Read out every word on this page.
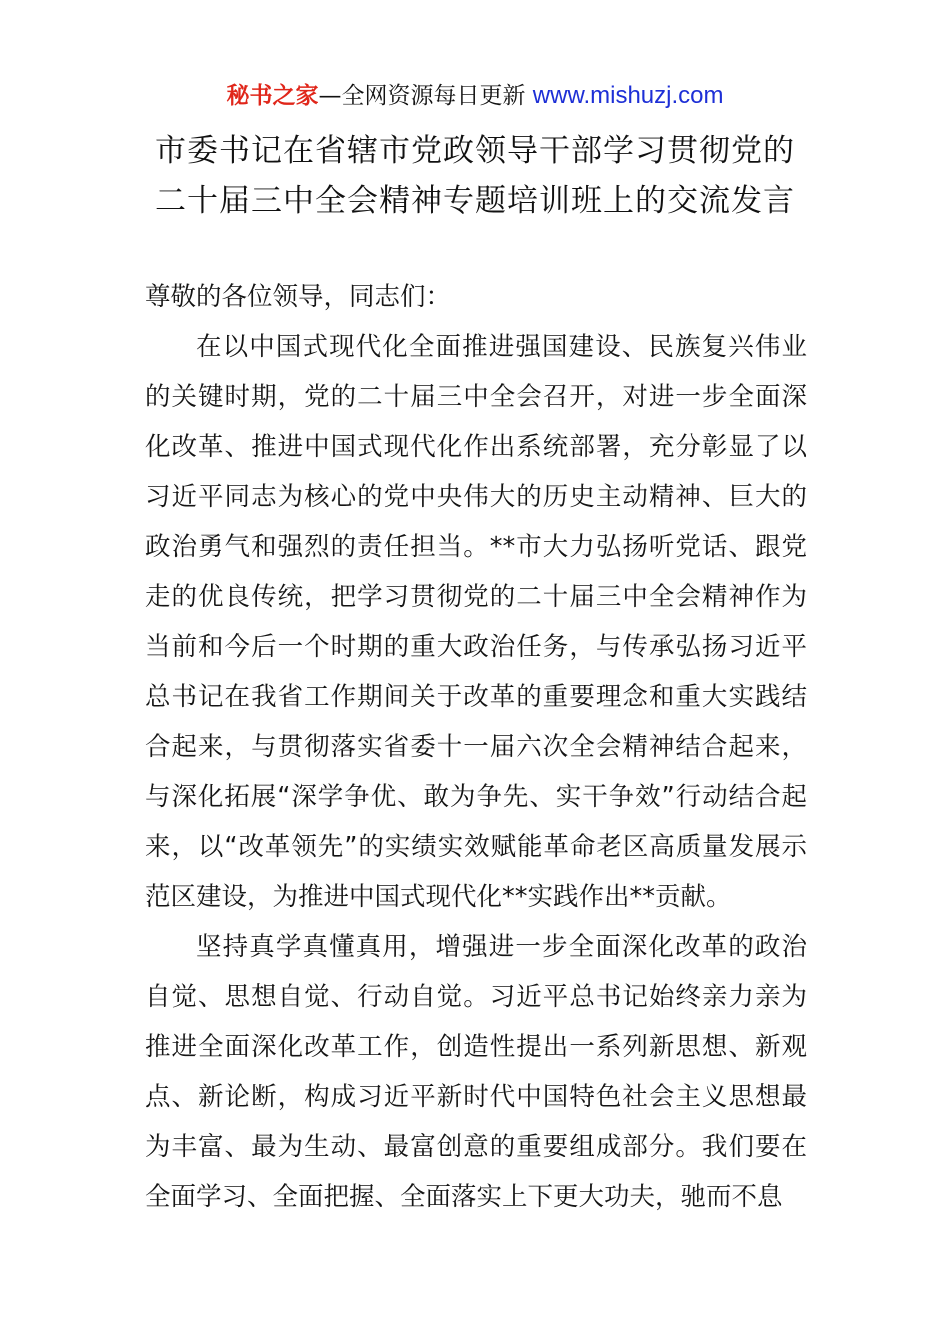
秘书之家—全网资源每日更新 www.mishuzj.com
市委书记在省辖市党政领导干部学习贯彻党的
二十届三中全会精神专题培训班上的交流发言

尊敬的各位领导，同志们：

在以中国式现代化全面推进强国建设、民族复兴伟业的关键时期，党的二十届三中全会召开，对进一步全面深化改革、推进中国式现代化作出系统部署，充分彰显了以习近平同志为核心的党中央伟大的历史主动精神、巨大的政治勇气和强烈的责任担当。**市大力弘扬听党话、跟党走的优良传统，把学习贯彻党的二十届三中全会精神作为当前和今后一个时期的重大政治任务，与传承弘扬习近平总书记在我省工作期间关于改革的重要理念和重大实践结合起来，与贯彻落实省委十一届六次全会精神结合起来，与深化拓展“深学争优、敢为争先、实干争效”行动结合起来，以“改革领先”的实绩实效赋能革命老区高质量发展示范区建设，为推进中国式现代化**实践作出**贡献。

坚持真学真懂真用，增强进一步全面深化改革的政治自觉、思想自觉、行动自觉。习近平总书记始终亲力亲为推进全面深化改革工作，创造性提出一系列新思想、新观点、新论断，构成习近平新时代中国特色社会主义思想最为丰富、最为生动、最富创意的重要组成部分。我们要在全面学习、全面把握、全面落实上下更大功夫，驰而不息
